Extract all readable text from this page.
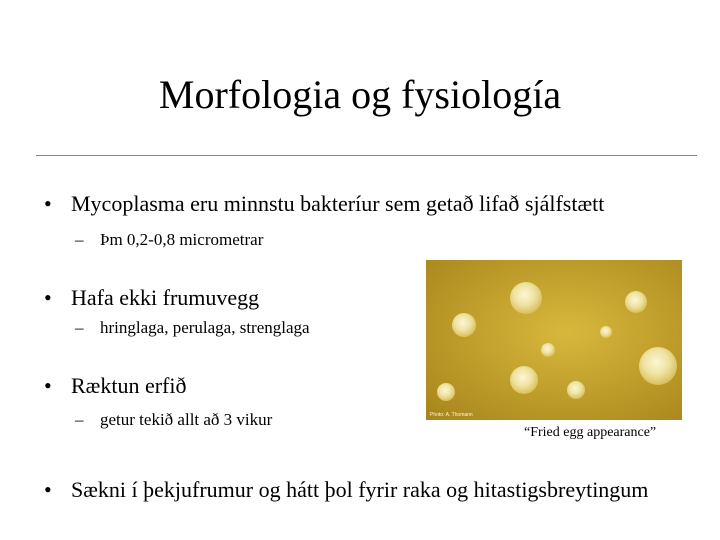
Morfologia og fysiología
• Mycoplasma eru minnstu bakteríur sem getað lifað sjálfstætt
– Þm 0,2-0,8 micrometrar
• Hafa ekki frumuvegg
– hringlaga, perulaga, strenglaga
• Ræktun erfið
– getur tekið allt að 3 vikur	Photo: A. Thomann
“Fried egg appearance”
• Sækni í þekjufrumur og hátt þol fyrir raka og hitastigsbreytingum
